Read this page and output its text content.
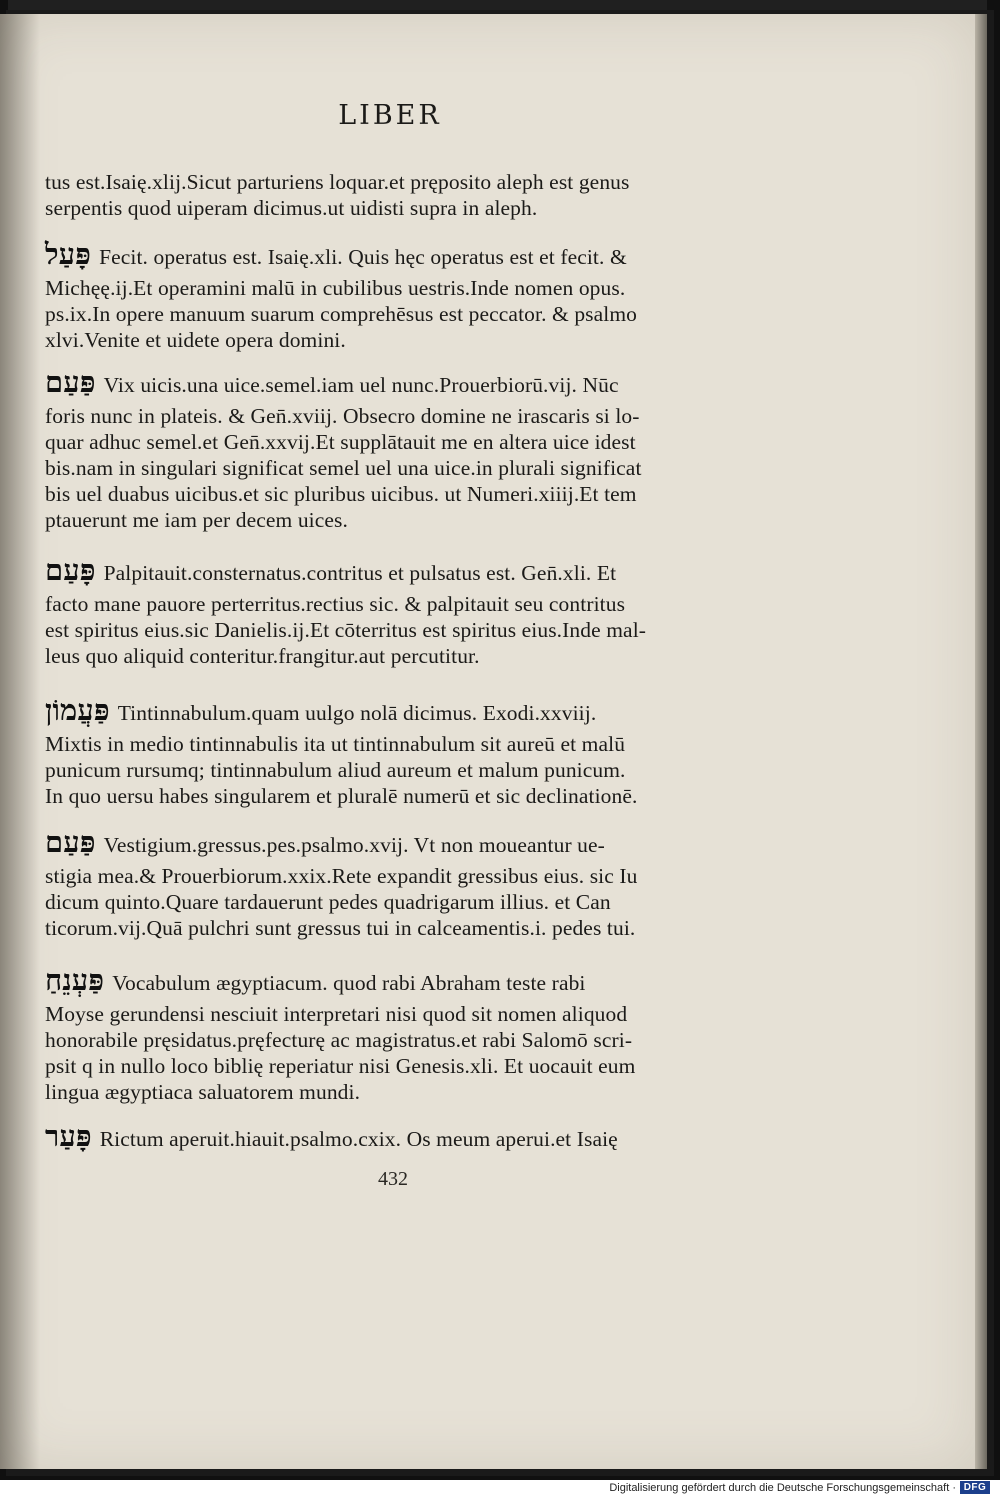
LIBER
tus est.Isaię.xlij.Sicut parturiens loquar.et pręposito aleph est genus
serpentis quod uiperam dicimus.ut uidisti supra in aleph.
פָּעַל Fecit. operatus est. Isaię.xli. Quis hęc operatus est et fecit. &
Michęę.ij.Et operamini malū in cubilibus uestris.Inde nomen opus.
ps.ix.In opere manuum suarum comprehēsus est peccator. & psalmo
xlvi.Venite et uidete opera domini.
פַּעַם Vix uicis.una uice.semel.iam uel nunc.Prouerbiorū.vij. Nūc
foris nunc in plateis. & Gen̄.xviij. Obsecro domine ne irascaris si lo-
quar adhuc semel.et Gen̄.xxvij.Et supplātauit me en altera uice idest
bis.nam in singulari significat semel uel una uice.in plurali significat
bis uel duabus uicibus.et sic pluribus uicibus. ut Numeri.xiiij.Et tem
ptauerunt me iam per decem uices.
פָּעַם Palpitauit.consternatus.contritus et pulsatus est. Gen̄.xli. Et
facto mane pauore perterritus.rectius sic. & palpitauit seu contritus
est spiritus eius.sic Danielis.ij.Et cōterritus est spiritus eius.Inde mal-
leus quo aliquid conteritur.frangitur.aut percutitur.
פַּעֲמוֹן Tintinnabulum.quam uulgo nolā dicimus. Exodi.xxviij.
Mixtis in medio tintinnabulis ita ut tintinnabulum sit aureū et malū
punicum rursumq; tintinnabulum aliud aureum et malum punicum.
In quo uersu habes singularem et pluralē numerū et sic declinationē.
פַּעַם Vestigium.gressus.pes.psalmo.xvij. Vt non moueantur ue-
stigia mea.& Prouerbiorum.xxix.Rete expandit gressibus eius. sic Iu
dicum quinto.Quare tardauerunt pedes quadrigarum illius. et Can
ticorum.vij.Quā pulchri sunt gressus tui in calceamentis.i. pedes tui.
פַּעְנֵחַ Vocabulum ægyptiacum. quod rabi Abraham teste rabi
Moyse gerundensi nesciuit interpretari nisi quod sit nomen aliquod
honorabile pręsidatus.pręfecturę ac magistratus.et rabi Salomō scri-
psit q in nullo loco biblię reperiatur nisi Genesis.xli. Et uocauit eum
lingua ægyptiaca saluatorem mundi.
פָּעַר Rictum aperuit.hiauit.psalmo.cxix. Os meum aperui.et Isaię
432
Digitalisierung gefördert durch die Deutsche Forschungsgemeinschaft · DFG
